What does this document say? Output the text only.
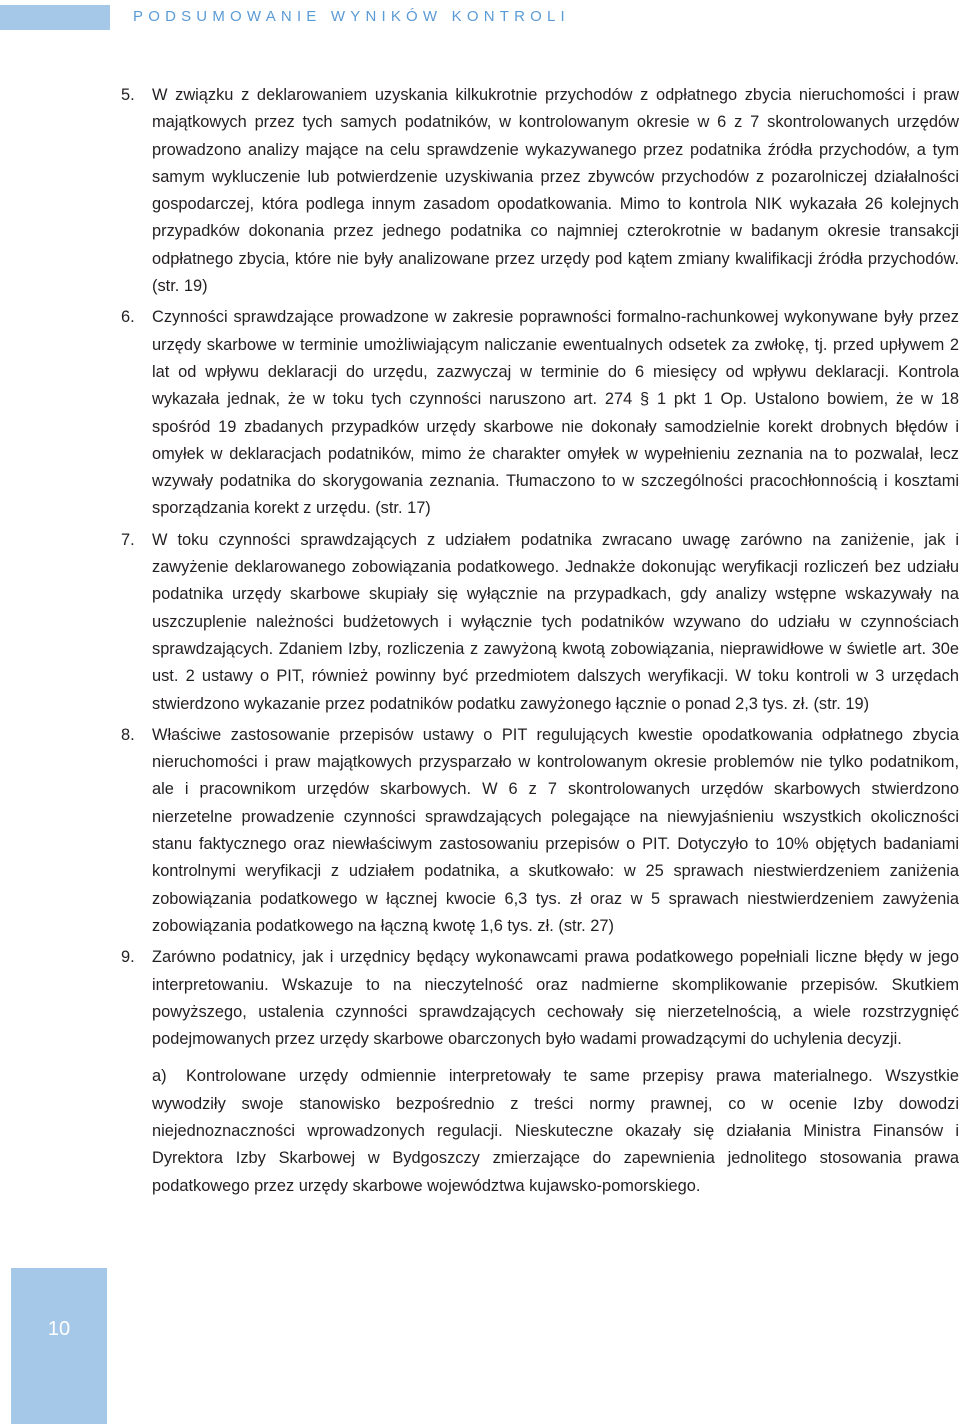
PODSUMOWANIE WYNIKÓW KONTROLI
5.	W związku z deklarowaniem uzyskania kilkukrotnie przychodów z odpłatnego zbycia nieruchomości i praw majątkowych przez tych samych podatników, w kontrolowanym okresie w 6 z 7 skontrolowanych urzędów prowadzono analizy mające na celu sprawdzenie wykazywanego przez podatnika źródła przychodów, a tym samym wykluczenie lub potwierdzenie uzyskiwania przez zbywców przychodów z pozarolniczej działalności gospodarczej, która podlega innym zasadom opodatkowania. Mimo to kontrola NIK wykazała 26 kolejnych przypadków dokonania przez jednego podatnika co najmniej czterokrotnie w badanym okresie transakcji odpłatnego zbycia, które nie były analizowane przez urzędy pod kątem zmiany kwalifikacji źródła przychodów. (str. 19)
6.	Czynności sprawdzające prowadzone w zakresie poprawności formalno-rachunkowej wykonywane były przez urzędy skarbowe w terminie umożliwiającym naliczanie ewentualnych odsetek za zwłokę, tj. przed upływem 2 lat od wpływu deklaracji do urzędu, zazwyczaj w terminie do 6 miesięcy od wpływu deklaracji. Kontrola wykazała jednak, że w toku tych czynności naruszono art. 274 § 1 pkt 1 Op. Ustalono bowiem, że w 18 spośród 19 zbadanych przypadków urzędy skarbowe nie dokonały samodzielnie korekt drobnych błędów i omyłek w deklaracjach podatników, mimo że charakter omyłek w wypełnieniu zeznania na to pozwalał, lecz wzywały podatnika do skorygowania zeznania. Tłumaczono to w szczególności pracochłonnością i kosztami sporządzania korekt z urzędu. (str. 17)
7.	W toku czynności sprawdzających z udziałem podatnika zwracano uwagę zarówno na zaniżenie, jak i zawyżenie deklarowanego zobowiązania podatkowego. Jednakże dokonując weryfikacji rozliczeń bez udziału podatnika urzędy skarbowe skupiały się wyłącznie na przypadkach, gdy analizy wstępne wskazywały na uszczuplenie należności budżetowych i wyłącznie tych podatników wzywano do udziału w czynnościach sprawdzających. Zdaniem Izby, rozliczenia z zawyżoną kwotą zobowiązania, nieprawidłowe w świetle art. 30e ust. 2 ustawy o PIT, również powinny być przedmiotem dalszych weryfikacji. W toku kontroli w 3 urzędach stwierdzono wykazanie przez podatników podatku zawyżonego łącznie o ponad 2,3 tys. zł. (str. 19)
8.	Właściwe zastosowanie przepisów ustawy o PIT regulujących kwestie opodatkowania odpłatnego zbycia nieruchomości i praw majątkowych przysparzało w kontrolowanym okresie problemów nie tylko podatnikom, ale i pracownikom urzędów skarbowych. W 6 z 7 skontrolowanych urzędów skarbowych stwierdzono nierzetelne prowadzenie czynności sprawdzających polegające na niewyjaśnieniu wszystkich okoliczności stanu faktycznego oraz niewłaściwym zastosowaniu przepisów o PIT. Dotyczyło to 10% objętych badaniami kontrolnymi weryfikacji z udziałem podatnika, a skutkowało: w 25 sprawach niestwierdzeniem zaniżenia zobowiązania podatkowego w łącznej kwocie 6,3 tys. zł oraz w 5 sprawach niestwierdzeniem zawyżenia zobowiązania podatkowego na łączną kwotę 1,6 tys. zł. (str. 27)
9.	Zarówno podatnicy, jak i urzędnicy będący wykonawcami prawa podatkowego popełniali liczne błędy w jego interpretowaniu. Wskazuje to na nieczytelność oraz nadmierne skomplikowanie przepisów. Skutkiem powyższego, ustalenia czynności sprawdzających cechowały się nierzetelnością, a wiele rozstrzygnięć podejmowanych przez urzędy skarbowe obarczonych było wadami prowadzącymi do uchylenia decyzji.
a) Kontrolowane urzędy odmiennie interpretowały te same przepisy prawa materialnego. Wszystkie wywodziły swoje stanowisko bezpośrednio z treści normy prawnej, co w ocenie Izby dowodzi niejednoznaczności wprowadzonych regulacji. Nieskuteczne okazały się działania Ministra Finansów i Dyrektora Izby Skarbowej w Bydgoszczy zmierzające do zapewnienia jednolitego stosowania prawa podatkowego przez urzędy skarbowe województwa kujawsko-pomorskiego.
10
